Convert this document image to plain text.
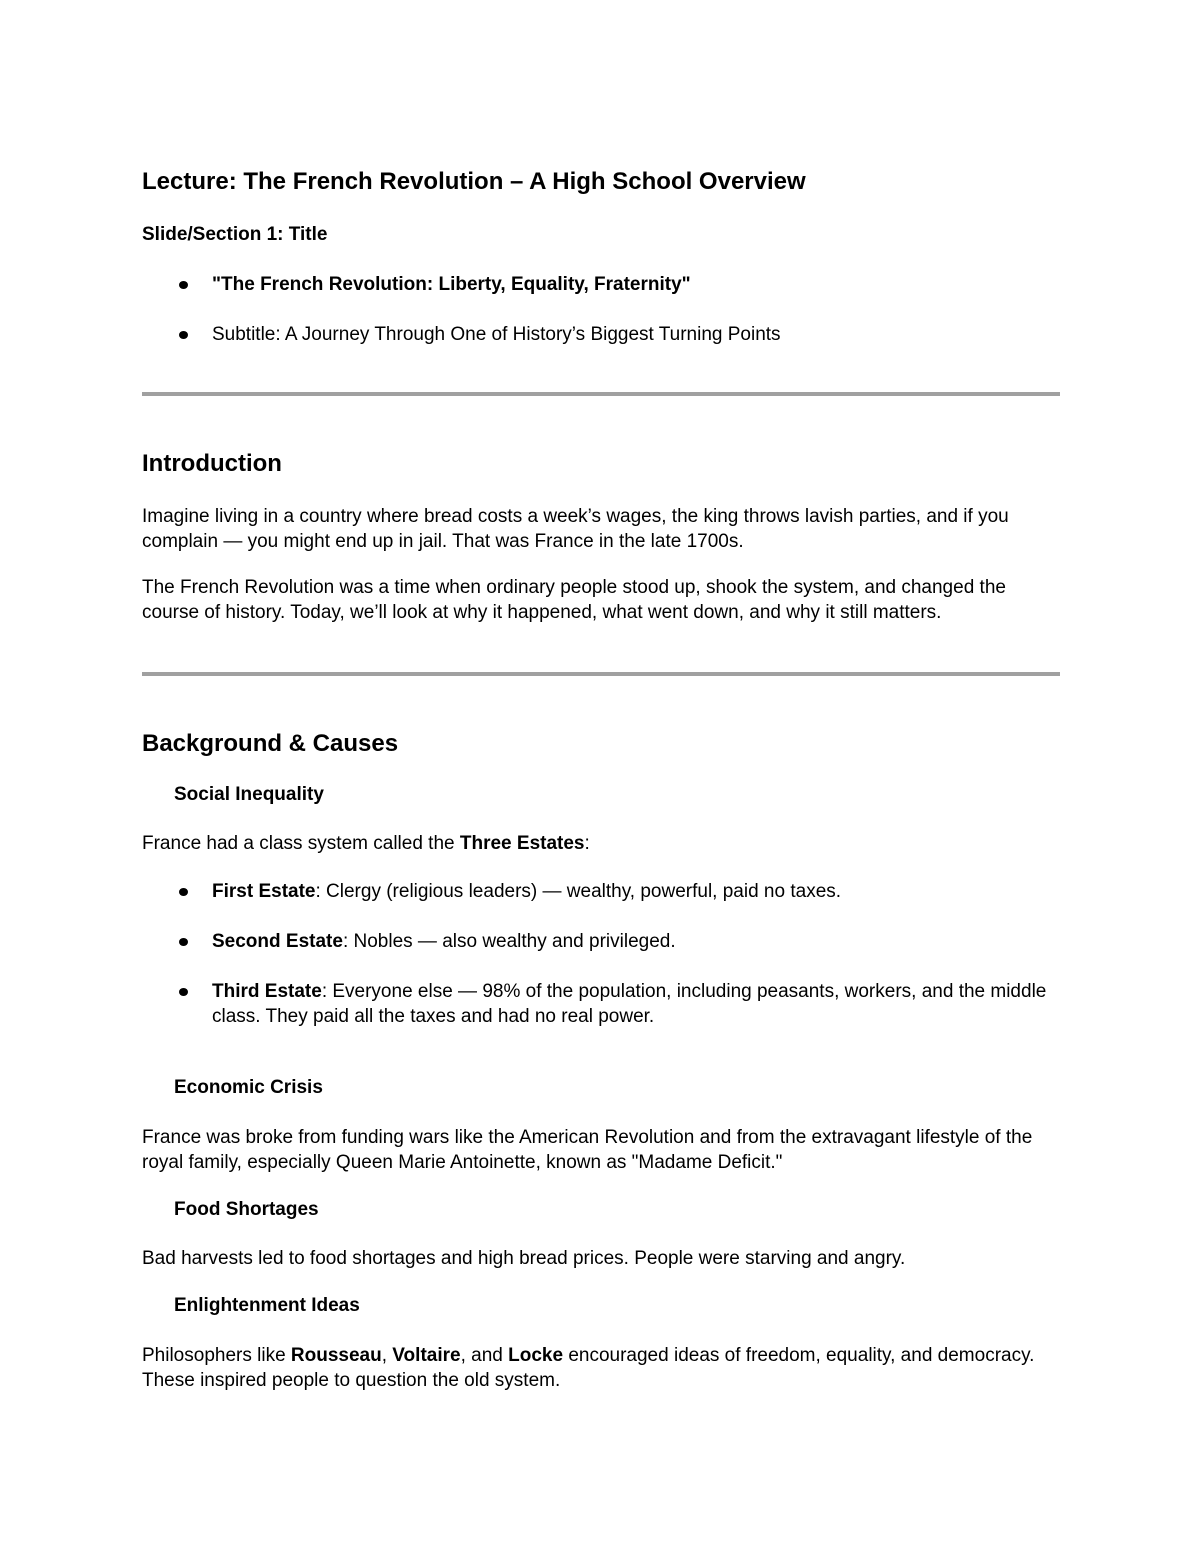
Lecture: The French Revolution – A High School Overview
Slide/Section 1: Title
"The French Revolution: Liberty, Equality, Fraternity"
Subtitle: A Journey Through One of History’s Biggest Turning Points
Introduction

Imagine living in a country where bread costs a week’s wages, the king throws lavish parties, and if you complain — you might end up in jail. That was France in the late 1700s.

The French Revolution was a time when ordinary people stood up, shook the system, and changed the course of history. Today, we’ll look at why it happened, what went down, and why it still matters.

Background & Causes
Social Inequality

France had a class system called the Three Estates:

First Estate: Clergy (religious leaders) — wealthy, powerful, paid no taxes.
Second Estate: Nobles — also wealthy and privileged.
Third Estate: Everyone else — 98% of the population, including peasants, workers, and the middle class. They paid all the taxes and had no real power.
Economic Crisis

France was broke from funding wars like the American Revolution and from the extravagant lifestyle of the royal family, especially Queen Marie Antoinette, known as "Madame Deficit."

Food Shortages

Bad harvests led to food shortages and high bread prices. People were starving and angry.

Enlightenment Ideas

Philosophers like Rousseau, Voltaire, and Locke encouraged ideas of freedom, equality, and democracy. These inspired people to question the old system.
